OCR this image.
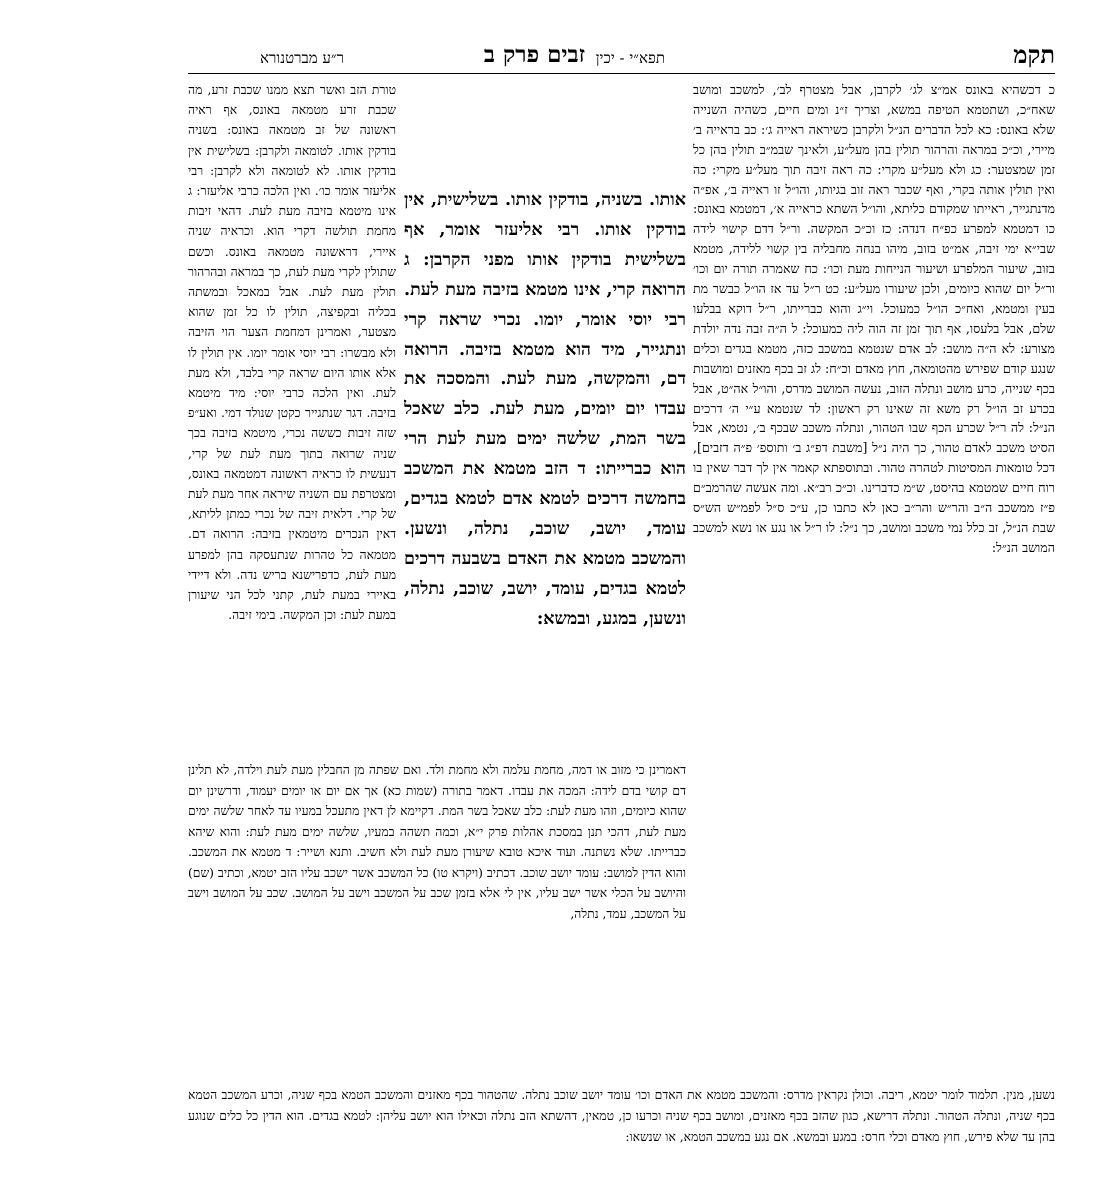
תקמ
תפא״י - יכין
זבים פרק ב
ר״ע מברטנורא
כ דכשהיא באונס אמ״צ לג׳ לקרבן, אבל מצטרף לב׳, למשכב ומושב שאח״כ, ושתטמא הטיפה במשא, וצריך ז״נ ומים חיים, כשהיה השנייה שלא באונס: כא לכל הדברים הנ״ל ולקרבן כשיראה ראייה ג׳: כב בראייה ב׳ מיירי, וכ״כ במראה והרהור תולין בהן מעל״ע, ולאינך שבמ״ב תולין בהן כל זמן שמצטער: כג ולא מעל״ע מקרי: כה ראה זיבה תוך מעל״ע מקרי: כה ואין תולין אותה בקרי, ואף שכבר ראה זוב בגיותו, והו״ל זו ראייה ב׳, אפ״ה מדנתגייר, ראייתו שמקודם כליתא, והו״ל השתא כראייה א׳, דמטמא באונס: כו דמטמא למפרע כפ״ח דנדה: כז וכ״כ המקשה. ור״ל דדם קישוי לידה שבי״א ימי זיבה, אמ״ט בזוב, מיהו בנחה מחבליה בין קשוי ללידה, מטמא בזוב, שיעור המלפרע ושיעור הנייחות מעת וכו׳: כח שאמרה תורה יום וכו׳ ור״ל יום שהוא כיומים, ולכן שיעורו מעל״ע: כט ר״ל עד אז הו״ל כבשר מת בעין ומטמא, ואח״כ הו״ל כמעוכל. וי״ג והוא כברייתו, ר״ל דוקא בבלעו שלם, אבל בלעסו, אף תוך זמן זה הוה ליה כמעוכל: ל ה״ה זבה נדה יולדת מצורע: לא ה״ה מושב: לב אדם שנטמא במשכב כזה, מטמא בגדים וכלים שנגע קודם שפירש מהטומאה, חוץ מאדם וכ״ח: לג זב בכף מאזנים ומושבות בכף שנייה, כרע מושב ונתלה הזוב, נעשה המושב מדרס, והו״ל אה״ט, אבל בכרע זב הו״ל רק משא זה שאינו רק ראשון: לד שנטמא ע״י ה׳ דרכים הנ״ל: לה ר״ל שכרע הכף שבו הטהור, ונתלה משכב שבכף ב׳, נטמא, אבל הסיט משכב לאדם טהור, כך היה נ״ל [משבת דפ״ג ב׳ ותוספ׳ פ״ה דזבים], דכל טומאות המסיטות לטהרה טהור. ובתוספתא קאמר אין לך דבר שאין בו רוח חיים שמטמא בהיסט, ש״מ כדברינו. וכ״כ רב״א. ומה אעשה שהרמב״ם פ״ז ממשכב ה״ב והר״ש והר״ב כאן לא כתבו כן, ע״כ ס״ל לפמ״ש הש״ס שבת הנ״ל, זב כלל נמי משכב ומושב, כך נ״ל: לו ר״ל או נגע או נשא למשכב המושב הנ״ל:
טורת הזב ואשר תצא ממנו שכבת זרע, מה שכבת זרע מטמאה באונס, אף ראיה ראשונה של זב מטמאה באונס: בשניה בודקין אותו. לטומאה ולקרבן: בשלישית אין בודקין אותו. לא לטומאה ולא לקרבן: רבי אליעזר אומר כו׳. ואין הלכה כרבי אליעזר: ג אינו מיטמא בזיבה מעת לעת. דהאי זיבות מחמת תולשה דקרי הוא. וכראיה שניה איירי, דראשונה מטמאה באונס. וכשם שתולין לקרי מעת לעת, כך במראה ובהרהור תולין מעת לעת. אבל במאכל ובמשתה בכליה ובקפיצה, תולין לו כל זמן שהוא מצטער, ואמרינן דמחמת הצער הוי הזיבה ולא מבשרו: רבי יוסי אומר יומו. אין תולין לו אלא אותו היום שראה קרי בלבד, ולא מעת לעת. ואין הלכה כרבי יוסי: מיד מיטמא בזיבה. דגר שנתגייר כקטן שנולד דמי. ואע״פ שזה זיבות כששה נכרי, מיטמא בזיבה בכך שניה שרואה בתוך מעת לעת של קרי, דנעשית לו כראיה ראשונה דמטמאה באונס, ומצטרפת עם השניה שיראה אחר מעת לעת של קרי. דלאית זיבה של נכרי כמתן לליתא, דאין הנכרים מיטמאין בזיבה: הרואה דם. מטמאה כל טהרות שנתעסקה בהן למפרע מעת לעת, כדפרישנא בריש נדה. ולא דיידי באיירי במעת לעת, קתני לכל הני שיעורן במעת לעת: וכן המקשה. בימי זיבה.
אותו. בשניה, בודקין אותו. בשלישית, אין בודקין אותו. רבי אליעזר אומר, אף בשלישית בודקין אותו מפני הקרבן: ג הרואה קרי, אינו מטמא בזיבה מעת לעת. רבי יוסי אומר, יומו. נכרי שראה קרי ונתגייר, מיד הוא מטמא בזיבה. הרואה דם, והמקשה, מעת לעת. והמסכה את עבדו יום יומים, מעת לעת. כלב שאכל בשר המת, שלשה ימים מעת לעת הרי הוא כברייתו: ד הזב מטמא את המשכב בחמשה דרכים לטמא אדם לטמא בגדים, עומד, יושב, שוכב, נתלה, ונשען. והמשכב מטמא את האדם בשבעה דרכים לטמא בגדים, עומד, יושב, שוכב, נתלה, ונשען, במגע, ובמשא:
דאמרינן כי מזוב או דמה, מחמת עלמה ולא מחמת ולד. ואם שפתה מן החבלין מעת לעת וילדה, לא תלינן דם קושי בדם לידה: המכה את עבדו. דאמר בתורה (שמות כא) אך אם יום או יומים יעמוד, ודרשינן יום שהוא כיומים, וזהו מעת לעת: כלב שאכל בשר המת. דקיימא לן דאין מתעכל במעיו עד לאחר שלשה ימים מעת לעת, דהכי תנן במסכת אהלות פרק י״א, וכמה תשהה במעיו, שלשה ימים מעת לעת: והוא שיהא כברייתו. שלא נשתנה. ועוד איכא טובא שיעורן מעת לעת ולא חשיב. ותנא ושייר: ד מטמא את המשכב. והוא הדין למושב: עומד יושב שוכב. דכתיב (ויקרא טו) כל המשכב אשר ישכב עליו הזב יטמא, וכתיב (שם) והיושב על הכלי אשר ישב עליו, אין לי אלא בזמן שכב על המשכב וישב על המושב. שכב על המושב וישב על המשכב, עמד, נתלה,
נשען, מנין. תלמוד לומר יטמא, ריבה. וכולן נקראין מדרס: והמשכב מטמא את האדם וכו׳ עומד יושב שוכב נתלה. שהטהור בכף מאזנים והמשכב הטמא בכף שניה, וכרע המשכב הטמא בכף שניה, ונתלה הטהור. ונתלה דרישא, כגון שהזב בכף מאזנים, ומושב בכף שניה וכרעו כן, טמאין, דהשתא הזב נתלה וכאילו הוא יושב עליהן: לטמא בגדים. הוא הדין כל כלים שנוגע בהן עד שלא פירש, חוץ מאדם וכלי חרס: במגע ובמשא. אם נגע במשכב הטמא, או שנשאו:
